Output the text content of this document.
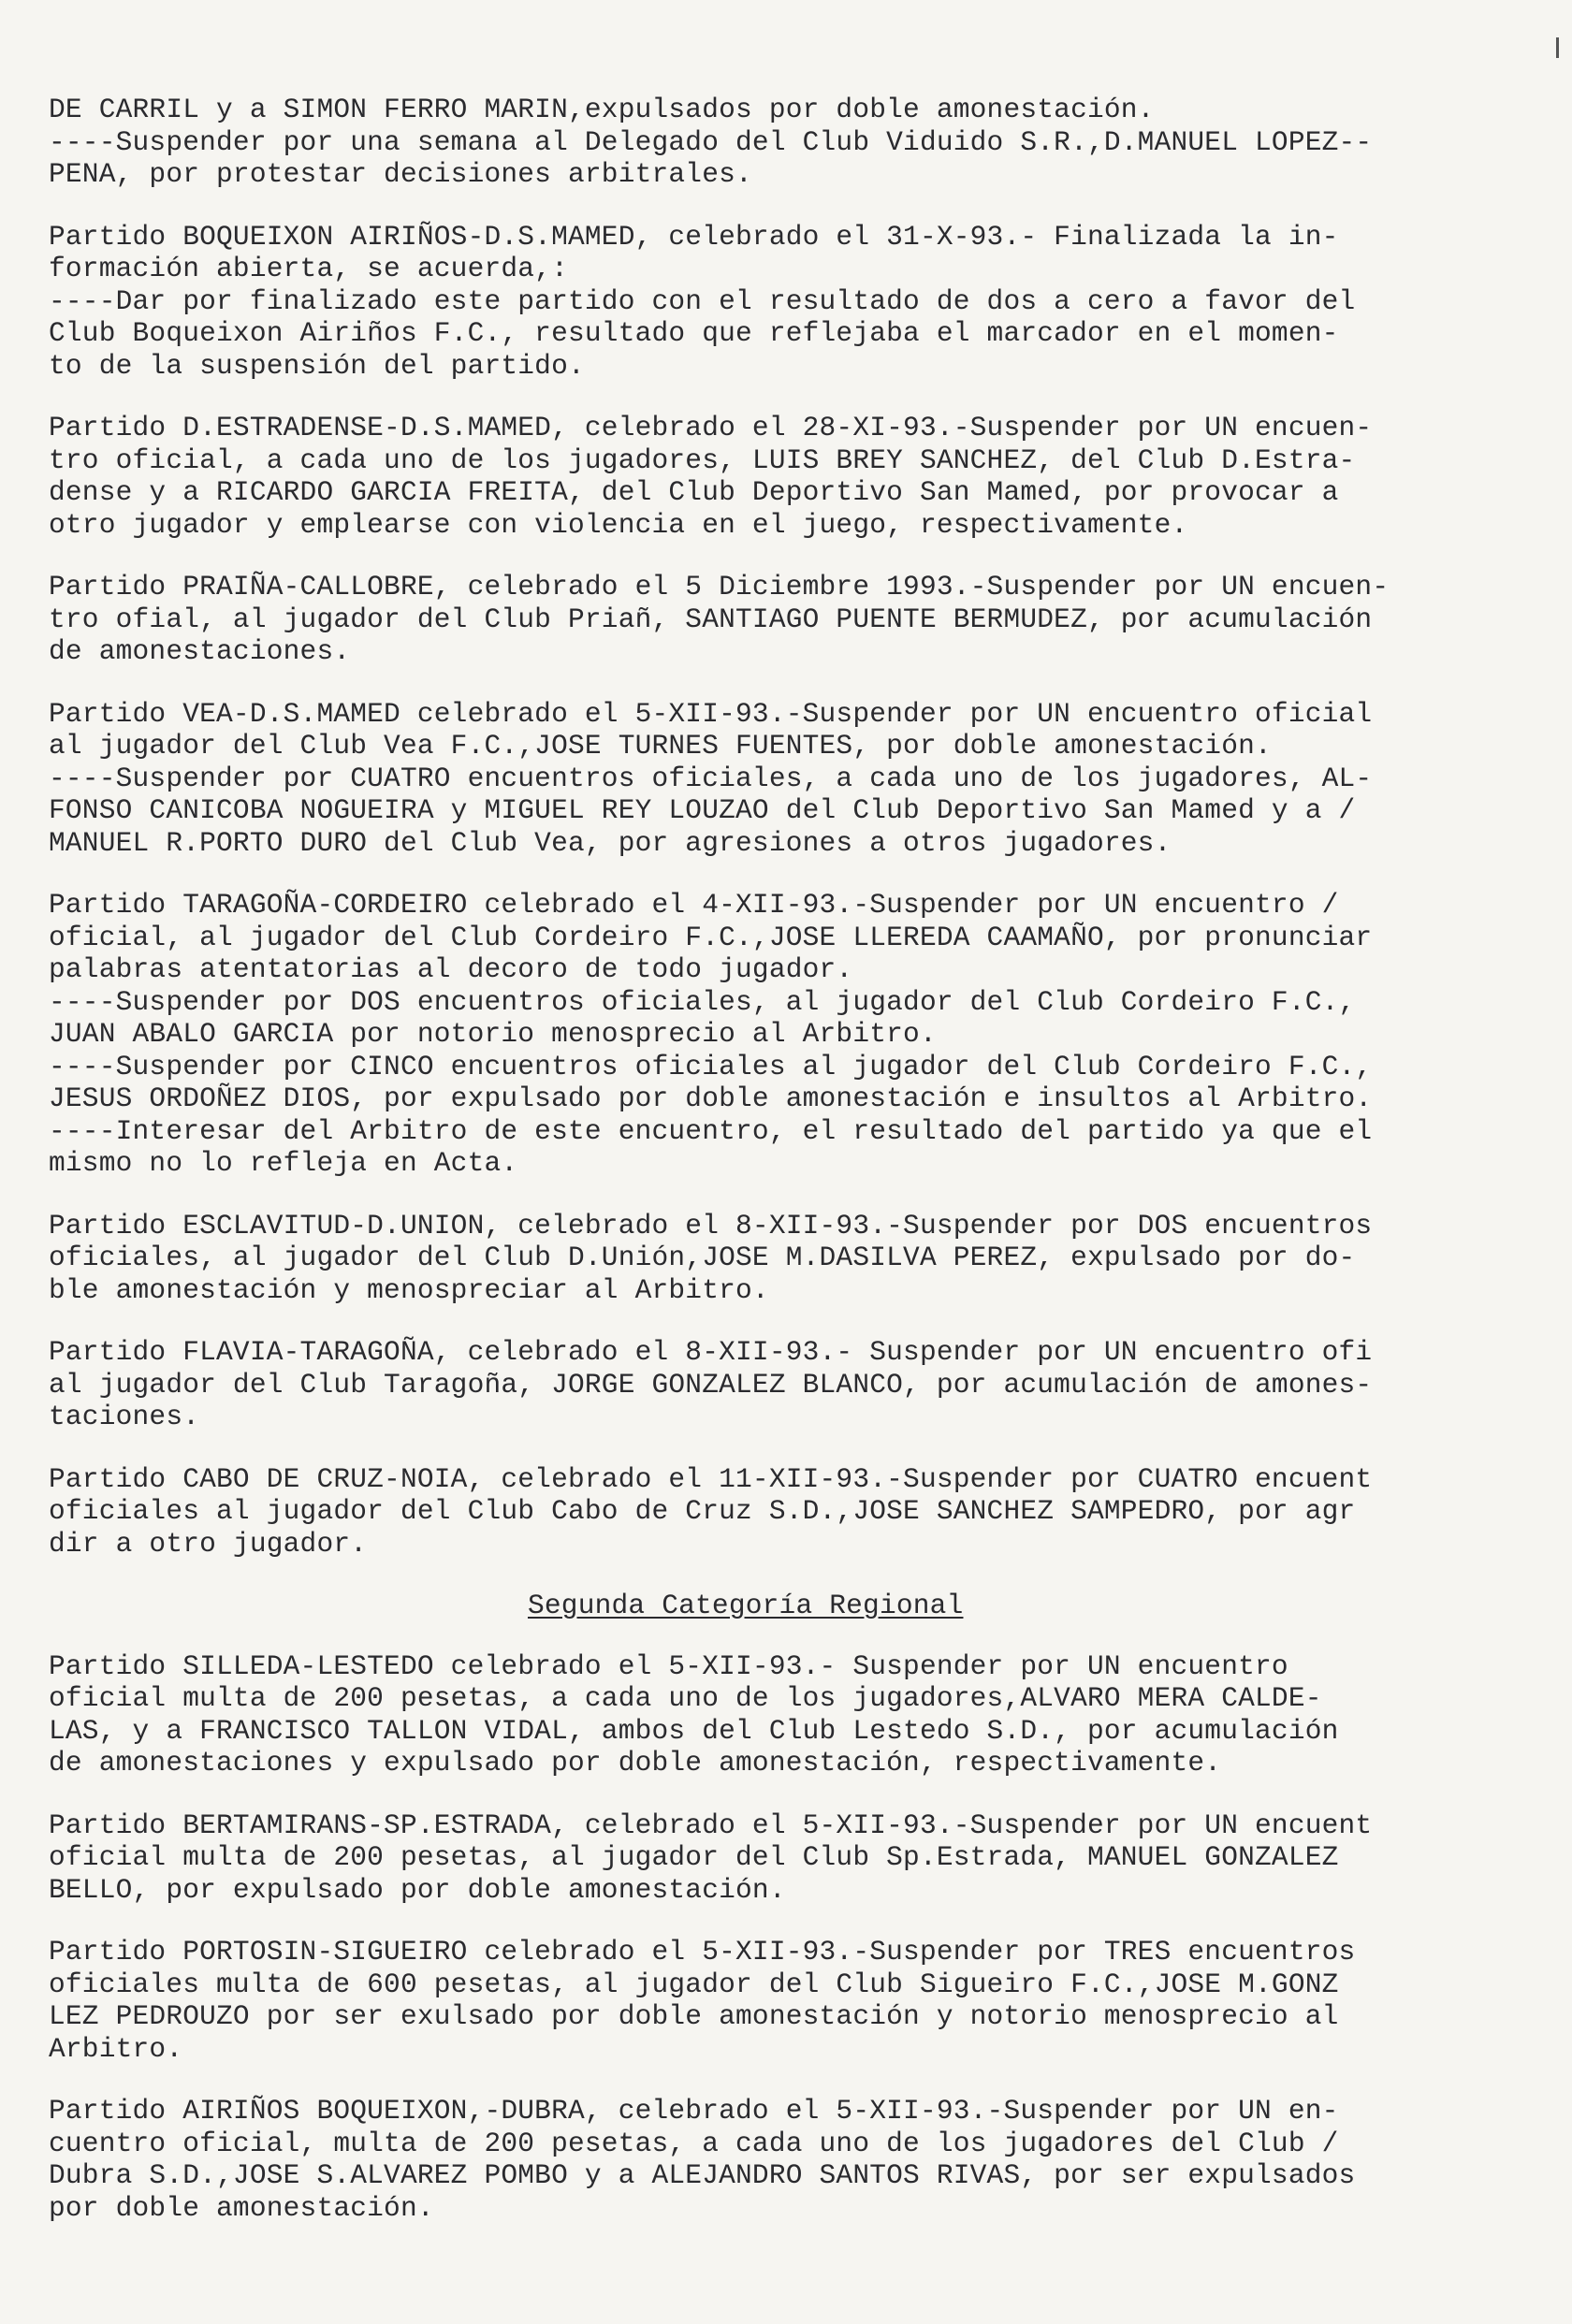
DE CARRIL y a SIMON FERRO MARIN,expulsados por doble amonestación.
----Suspender por una semana al Delegado del Club Viduido S.R.,D.MANUEL LOPEZ--
PENA, por protestar decisiones arbitrales.
Partido BOQUEIXON AIRIÑOS-D.S.MAMED, celebrado el 31-X-93.- Finalizada la in-
formación abierta, se acuerda,:
----Dar por finalizado este partido con el resultado de dos a cero a favor del
Club Boqueixon Airiños F.C., resultado que reflejaba el marcador en el momen-
to de la suspensión del partido.
Partido D.ESTRADENSE-D.S.MAMED, celebrado el 28-XI-93.-Suspender por UN encuen-
tro oficial, a cada uno de los jugadores, LUIS BREY SANCHEZ, del Club D.Estra-
dense y a RICARDO GARCIA FREITA, del Club Deportivo San Mamed, por provocar a
otro jugador y emplearse con violencia en el juego, respectivamente.
Partido PRAIÑA-CALLOBRE, celebrado el 5 Diciembre 1993.-Suspender por UN encuen-
tro ofial, al jugador del Club Priañ, SANTIAGO PUENTE BERMUDEZ, por acumulación
de amonestaciones.
Partido VEA-D.S.MAMED celebrado el 5-XII-93.-Suspender por UN encuentro oficial
al jugador del Club Vea F.C.,JOSE TURNES FUENTES, por doble amonestación.
----Suspender por CUATRO encuentros oficiales, a cada uno de los jugadores, AL-
FONSO CANICOBA NOGUEIRA y MIGUEL REY LOUZAO del Club Deportivo San Mamed y a /
MANUEL R.PORTO DURO del Club Vea, por agresiones a otros jugadores.
Partido TARAGOÑA-CORDEIRO celebrado el 4-XII-93.-Suspender por UN encuentro /
oficial, al jugador del Club Cordeiro F.C.,JOSE LLEREDA CAAMAÑO, por pronunciar
palabras atentatorias al decoro de todo jugador.
----Suspender por DOS encuentros oficiales, al jugador del Club Cordeiro F.C.,
JUAN ABALO GARCIA por notorio menosprecio al Arbitro.
----Suspender por CINCO encuentros oficiales al jugador del Club Cordeiro F.C.,
JESUS ORDOÑEZ DIOS, por expulsado por doble amonestación e insultos al Arbitro.
----Interesar del Arbitro de este encuentro, el resultado del partido ya que el
mismo no lo refleja en Acta.
Partido ESCLAVITUD-D.UNION, celebrado el 8-XII-93.-Suspender por DOS encuentros
oficiales, al jugador del Club D.Unión,JOSE M.DASILVA PEREZ, expulsado por do-
ble amonestación y menospreciar al Arbitro.
Partido FLAVIA-TARAGOÑA, celebrado el 8-XII-93.- Suspender por UN encuentro ofi
al jugador del Club Taragoña, JORGE GONZALEZ BLANCO, por acumulación de amones-
taciones.
Partido CABO DE CRUZ-NOIA, celebrado el 11-XII-93.-Suspender por CUATRO encuent
oficiales al jugador del Club Cabo de Cruz S.D.,JOSE SANCHEZ SAMPEDRO, por agr
dir a otro jugador.
Segunda Categoría Regional
Partido SILLEDA-LESTEDO celebrado el 5-XII-93.- Suspender por UN encuentro
oficial multa de 200 pesetas, a cada uno de los jugadores,ALVARO MERA CALDE-
LAS, y a FRANCISCO TALLON VIDAL, ambos del Club Lestedo S.D., por acumulación
de amonestaciones y expulsado por doble amonestación, respectivamente.
Partido BERTAMIRANS-SP.ESTRADA, celebrado el 5-XII-93.-Suspender por UN encuent
oficial multa de 200 pesetas, al jugador del Club Sp.Estrada, MANUEL GONZALEZ
BELLO, por expulsado por doble amonestación.
Partido PORTOSIN-SIGUEIRO celebrado el 5-XII-93.-Suspender por TRES encuentros
oficiales multa de 600 pesetas, al jugador del Club Sigueiro F.C.,JOSE M.GONZ
LEZ PEDROUZO por ser exulsado por doble amonestación y notorio menosprecio al
Arbitro.
Partido AIRIÑOS BOQUEIXON,-DUBRA, celebrado el 5-XII-93.-Suspender por UN en-
cuentro oficial, multa de 200 pesetas, a cada uno de los jugadores del Club /
Dubra S.D.,JOSE S.ALVAREZ POMBO y a ALEJANDRO SANTOS RIVAS, por ser expulsados
por doble amonestación.
